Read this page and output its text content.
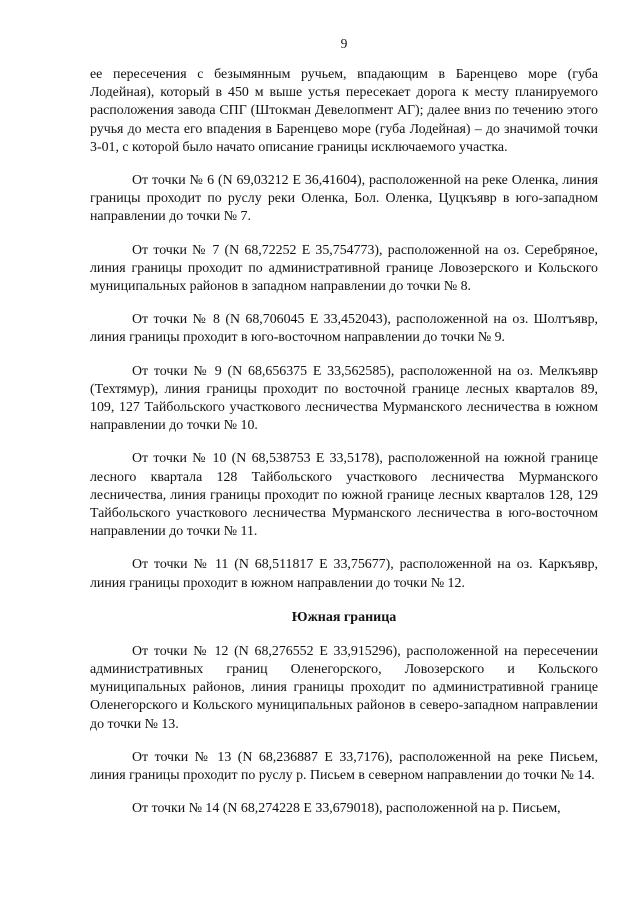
9

ее пересечения с безымянным ручьем, впадающим в Баренцево море (губа Лодейная), который в 450 м выше устья пересекает дорога к месту планируемого расположения завода СПГ (Штокман Девелопмент АГ); далее вниз по течению этого ручья до места его впадения в Баренцево море (губа Лодейная) – до значимой точки 3-01, с которой было начато описание границы исключаемого участка.

От точки № 6 (N 69,03212 E 36,41604), расположенной на реке Оленка, линия границы проходит по руслу реки Оленка, Бол. Оленка, Цуцкъявр в юго-западном направлении до точки № 7.

От точки № 7 (N 68,72252 E 35,754773), расположенной на оз. Серебряное, линия границы проходит по административной границе Ловозерского и Кольского муниципальных районов в западном направлении до точки № 8.

От точки № 8 (N 68,706045 E 33,452043), расположенной на оз. Шолтъявр, линия границы проходит в юго-восточном направлении до точки № 9.

От точки № 9 (N 68,656375 E 33,562585), расположенной на оз. Мелкъявр (Техтямур), линия границы проходит по восточной границе лесных кварталов 89, 109, 127 Тайбольского участкового лесничества Мурманского лесничества в южном направлении до точки № 10.

От точки № 10 (N 68,538753 E 33,5178), расположенной на южной границе лесного квартала 128 Тайбольского участкового лесничества Мурманского лесничества, линия границы проходит по южной границе лесных кварталов 128, 129 Тайбольского участкового лесничества Мурманского лесничества в юго-восточном направлении до точки № 11.

От точки № 11 (N 68,511817 E 33,75677), расположенной на оз. Каркъявр, линия границы проходит в южном направлении до точки № 12.

Южная граница

От точки № 12 (N 68,276552 E 33,915296), расположенной на пересечении административных границ Оленегорского, Ловозерского и Кольского муниципальных районов, линия границы проходит по административной границе Оленегорского и Кольского муниципальных районов в северо-западном направлении до точки № 13.

От точки № 13 (N 68,236887 E 33,7176), расположенной на реке Письем, линия границы проходит по руслу р. Письем в северном направлении до точки № 14.

От точки № 14 (N 68,274228 E 33,679018), расположенной на р. Письем,
